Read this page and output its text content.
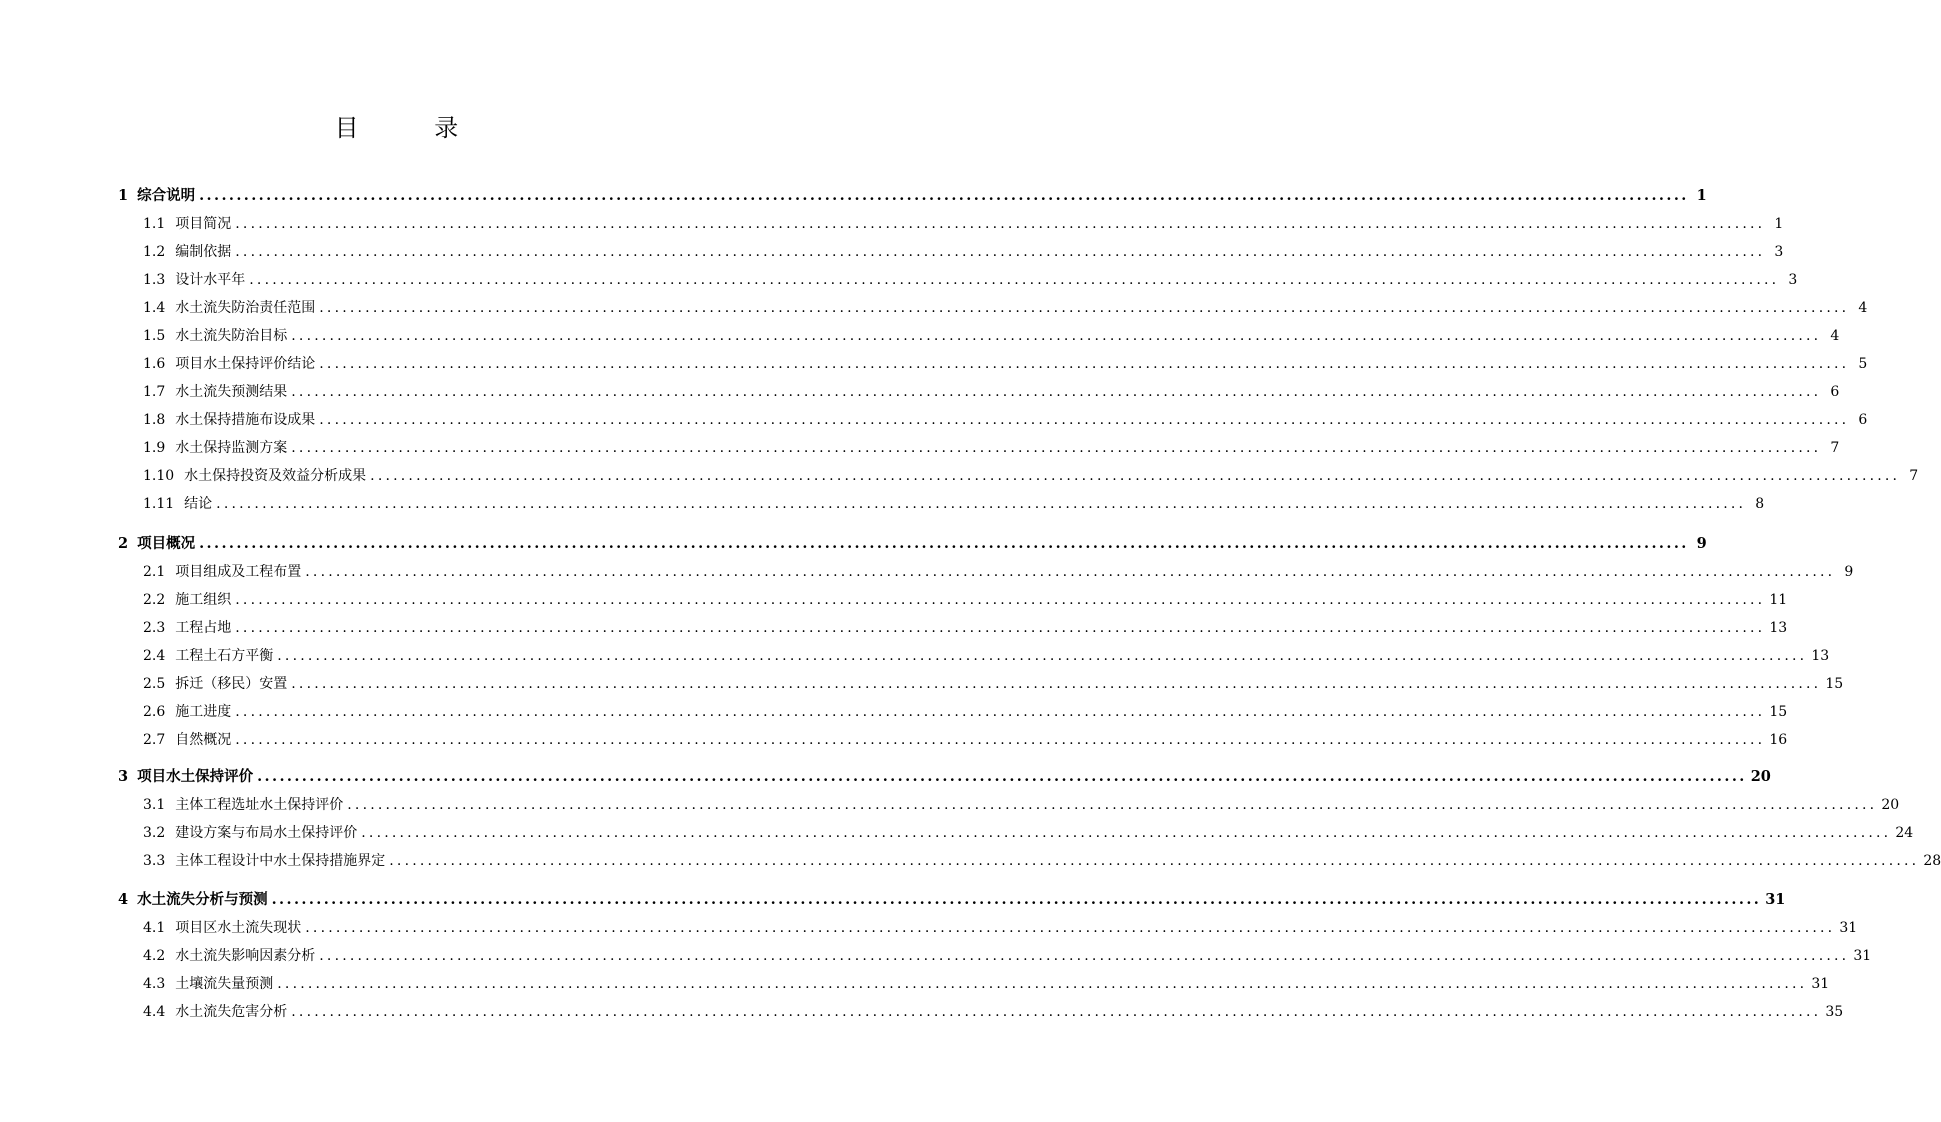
目 录
1 综合说明 ........................................................................................................................................................................................................ 1
1.1 项目简况 ........................................................................................................................................................................................................ 1
1.2 编制依据 ........................................................................................................................................................................................................ 3
1.3 设计水平年 ........................................................................................................................................................................................................ 3
1.4 水土流失防治责任范围 ........................................................................................................................................................................................................ 4
1.5 水土流失防治目标 ........................................................................................................................................................................................................ 4
1.6 项目水土保持评价结论 ........................................................................................................................................................................................................ 5
1.7 水土流失预测结果 ........................................................................................................................................................................................................ 6
1.8 水土保持措施布设成果 ........................................................................................................................................................................................................ 6
1.9 水土保持监测方案 ........................................................................................................................................................................................................ 7
1.10 水土保持投资及效益分析成果 ........................................................................................................................................................................................................ 7
1.11 结论 ........................................................................................................................................................................................................ 8
2 项目概况 ........................................................................................................................................................................................................ 9
2.1 项目组成及工程布置 ........................................................................................................................................................................................................ 9
2.2 施工组织 ........................................................................................................................................................................................................ 11
2.3 工程占地 ........................................................................................................................................................................................................ 13
2.4 工程土石方平衡 ........................................................................................................................................................................................................ 13
2.5 拆迁（移民）安置 ........................................................................................................................................................................................................ 15
2.6 施工进度 ........................................................................................................................................................................................................ 15
2.7 自然概况 ........................................................................................................................................................................................................ 16
3 项目水土保持评价 ........................................................................................................................................................................................................ 20
3.1 主体工程选址水土保持评价 ........................................................................................................................................................................................................ 20
3.2 建设方案与布局水土保持评价 ........................................................................................................................................................................................................ 24
3.3 主体工程设计中水土保持措施界定 ........................................................................................................................................................................................................ 28
4 水土流失分析与预测 ........................................................................................................................................................................................................ 31
4.1 项目区水土流失现状 ........................................................................................................................................................................................................ 31
4.2 水土流失影响因素分析 ........................................................................................................................................................................................................ 31
4.3 土壤流失量预测 ........................................................................................................................................................................................................ 31
4.4 水土流失危害分析 ........................................................................................................................................................................................................ 35
